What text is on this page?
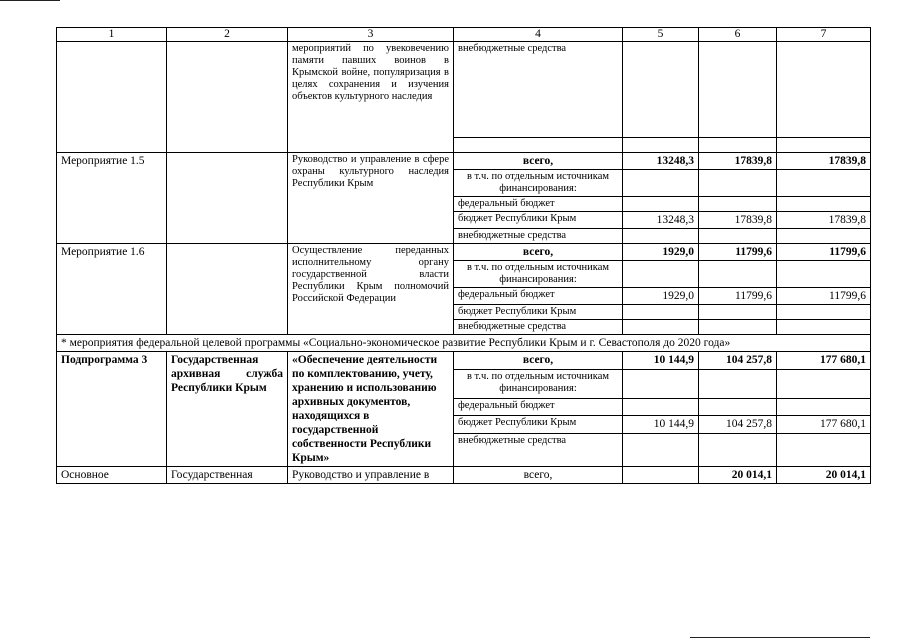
1	2	3	4	5	6	7
		мероприятий по увековечению памяти павших воинов в Крымской войне, популяризация в целях сохранения и изучения объектов культурного наследия	внебюджетные средства			

Мероприятие 1.5		Руководство и управление в сфере охраны культурного наследия Республики Крым	всего,	13248,3	17839,8	17839,8
			в т.ч. по отдельным источникам финансирования:			
			федеральный бюджет			
			бюджет Республики Крым	13248,3	17839,8	17839,8
			внебюджетные средства			
Мероприятие 1.6		Осуществление переданных исполнительному органу государственной власти Республики Крым полномочий Российской Федерации	всего,	1929,0	11799,6	11799,6
			в т.ч. по отдельным источникам финансирования:			
			федеральный бюджет	1929,0	11799,6	11799,6
			бюджет Республики Крым			
			внебюджетные средства			
* мероприятия федеральной целевой программы «Социально-экономическое развитие Республики Крым и г. Севастополя до 2020 года»						
Подпрограмма 3	Государственная архивная служба Республики Крым	«Обеспечение деятельности по комплектованию, учету, хранению и использованию архивных документов, находящихся в государственной собственности Республики Крым»	всего,	10 144,9	104 257,8	177 680,1
			в т.ч. по отдельным источникам финансирования:			
			федеральный бюджет			
			бюджет Республики Крым	10 144,9	104 257,8	177 680,1
			внебюджетные средства			
Основное	Государственная	Руководство и управление в	всего,		20 014,1	20 014,1
